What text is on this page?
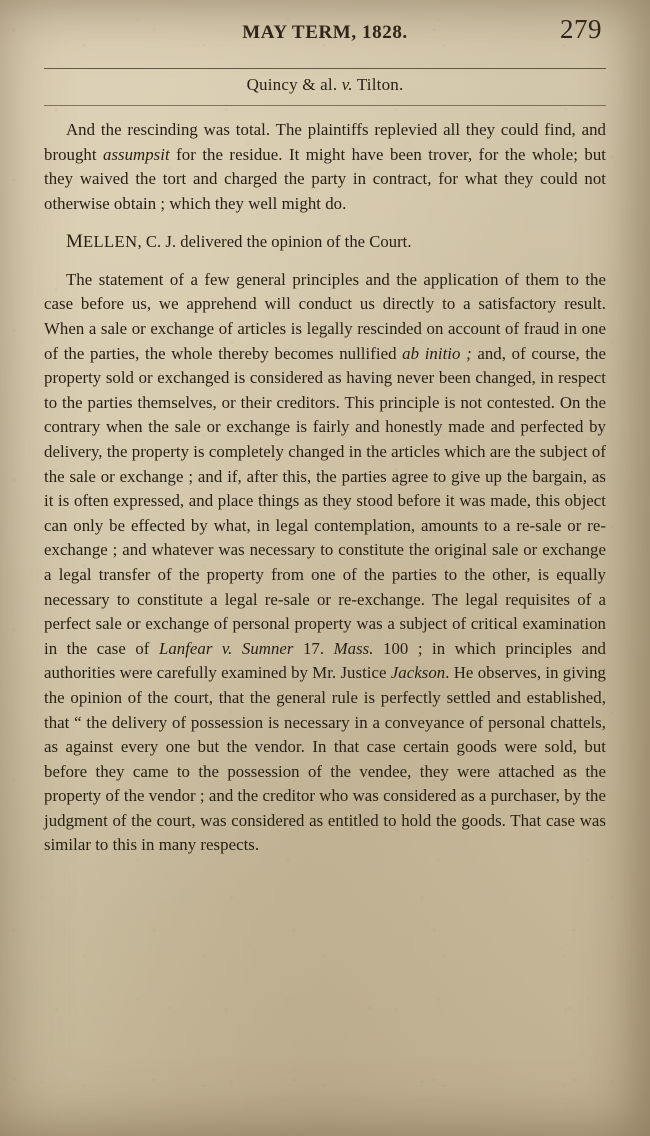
MAY TERM, 1828.	279
Quincy & al. v. Tilton.

And the rescinding was total. The plaintiffs replevied all they could find, and brought assumpsit for the residue. It might have been trover, for the whole; but they waived the tort and charged the party in contract, for what they could not otherwise obtain ; which they well might do.

MELLEN, C. J. delivered the opinion of the Court.

The statement of a few general principles and the application of them to the case before us, we apprehend will conduct us directly to a satisfactory result. When a sale or exchange of articles is legally rescinded on account of fraud in one of the parties, the whole thereby becomes nullified ab initio ; and, of course, the property sold or exchanged is considered as having never been changed, in respect to the parties themselves, or their creditors. This principle is not contested. On the contrary when the sale or exchange is fairly and honestly made and perfected by delivery, the property is completely changed in the articles which are the subject of the sale or exchange ; and if, after this, the parties agree to give up the bargain, as it is often expressed, and place things as they stood before it was made, this object can only be effected by what, in legal contemplation, amounts to a re-sale or re-exchange ; and whatever was necessary to constitute the original sale or exchange a legal transfer of the property from one of the parties to the other, is equally necessary to constitute a legal re-sale or re-exchange. The legal requisites of a perfect sale or exchange of personal property was a subject of critical examination in the case of Lanfear v. Sumner 17. Mass. 100 ; in which principles and authorities were carefully examined by Mr. Justice Jackson. He observes, in giving the opinion of the court, that the general rule is perfectly settled and established, that “ the delivery of possession is necessary in a conveyance of personal chattels, as against every one but the vendor. In that case certain goods were sold, but before they came to the possession of the vendee, they were attached as the property of the vendor ; and the creditor who was considered as a purchaser, by the judgment of the court, was considered as entitled to hold the goods. That case was similar to this in many respects.
